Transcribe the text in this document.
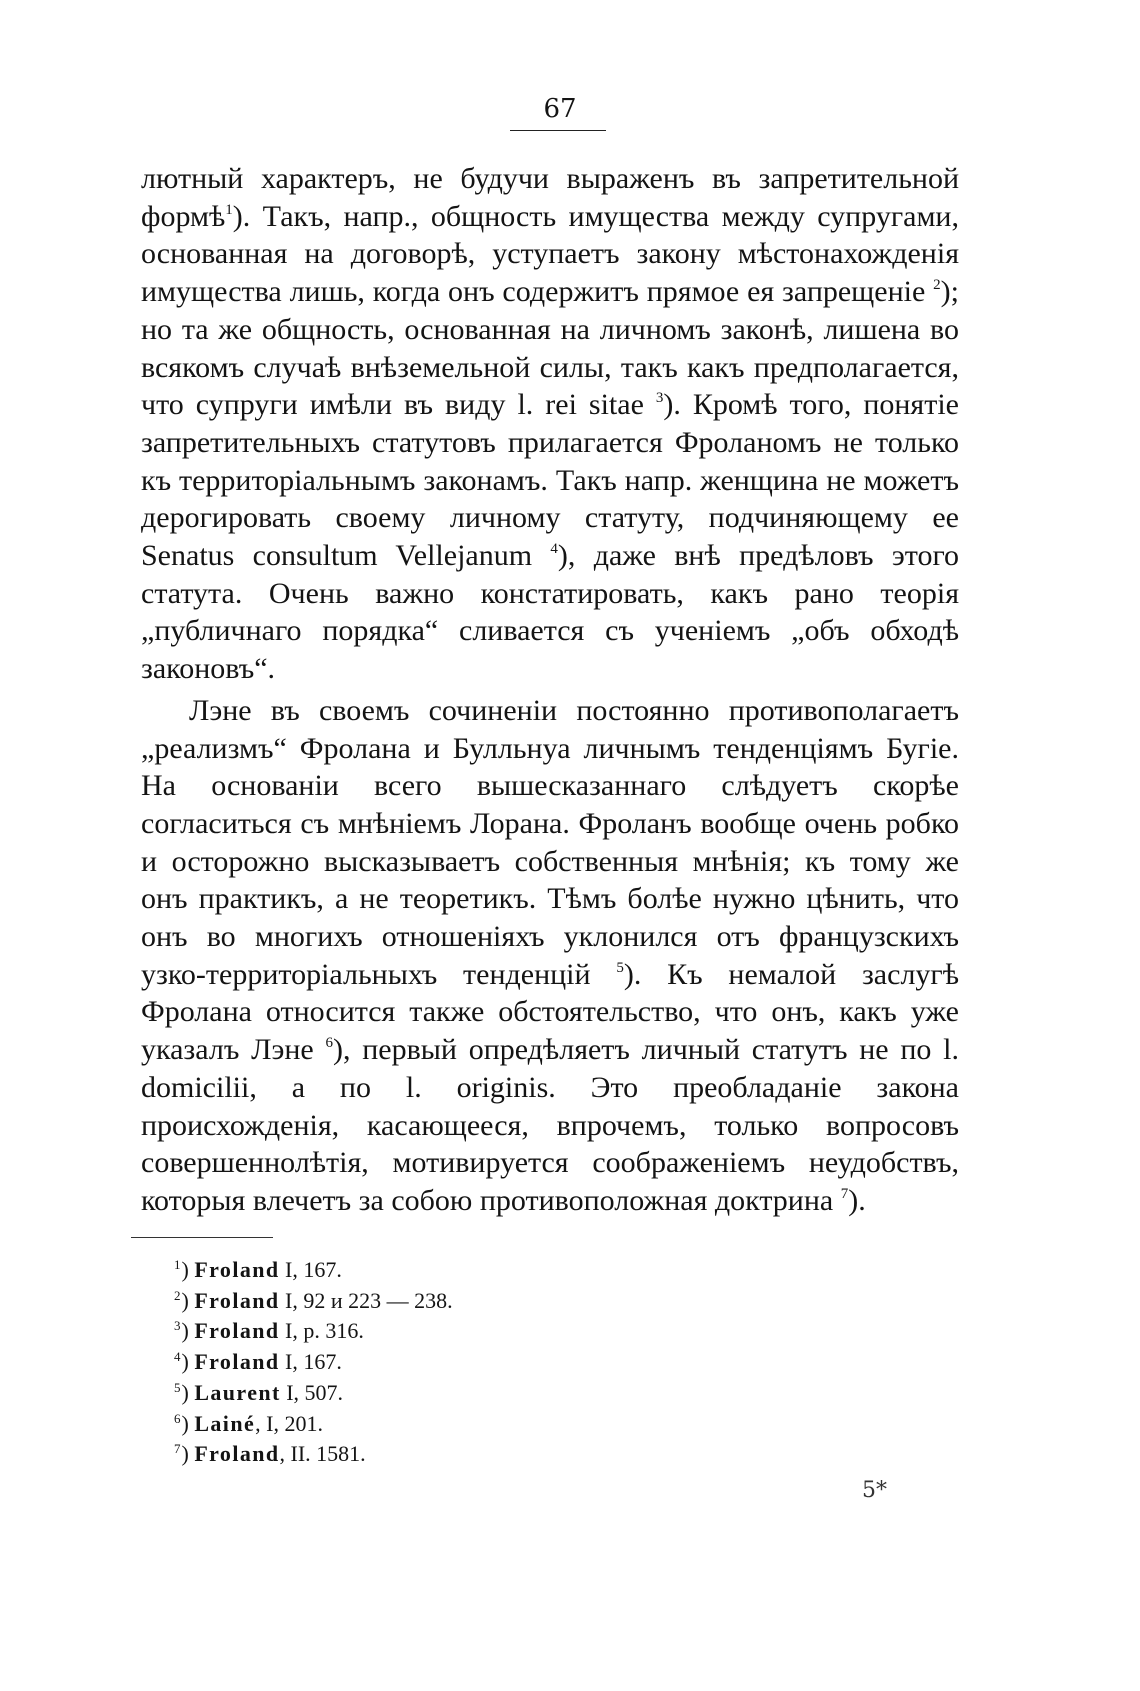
67

лютный характеръ, не будучи выраженъ въ запретительной формѣ$^1$). Такъ, напр., общность имущества между супругами, основанная на договорѣ, уступаетъ закону мѣстонахожденія имущества лишь, когда онъ содержитъ прямое ея запрещеніе $^2$); но та же общность, основанная на личномъ законѣ, лишена во всякомъ случаѣ внѣземельной силы, такъ какъ предполагается, что супруги имѣли въ виду l. rei sitae $^3$). Кромѣ того, понятіе запретительныхъ статутовъ прилагается Фроланомъ не только къ территоріальнымъ законамъ. Такъ напр. женщина не можетъ дерогировать своему личному статуту, подчиняющему ее Senatus consultum Vellejanum $^4$), даже внѣ предѣловъ этого статута. Очень важно констатировать, какъ рано теорія „публичнаго порядка“ сливается съ ученіемъ „объ обходѣ законовъ“.

Лэне въ своемъ сочиненіи постоянно противополагаетъ „реализмъ“ Фролана и Булльнуа личнымъ тенденціямъ Бугіе. На основаніи всего вышесказаннаго слѣдуетъ скорѣе согласиться съ мнѣніемъ Лорана. Фроланъ вообще очень робко и осторожно высказываетъ собственныя мнѣнія; къ тому же онъ практикъ, а не теоретикъ. Тѣмъ болѣе нужно цѣнить, что онъ во многихъ отношеніяхъ уклонился отъ французскихъ узко-территоріальныхъ тенденцій $^5$). Къ немалой заслугѣ Фролана относится также обстоятельство, что онъ, какъ уже указалъ Лэне $^6$), первый опредѣляетъ личный статутъ не по l. domicilii, а по l. originis. Это преобладаніе закона происхожденія, касающееся, впрочемъ, только вопросовъ совершеннолѣтія, мотивируется соображеніемъ неудобствъ, которыя влечетъ за собою противоположная доктрина $^7$).

$^1$) Froland I, 167.
$^2$) Froland I, 92 и 223 — 238.
$^3$) Froland I, p. 316.
$^4$) Froland I, 167.
$^5$) Laurent I, 507.
$^6$) Lainé, I, 201.
$^7$) Froland, II. 1581.
5*
